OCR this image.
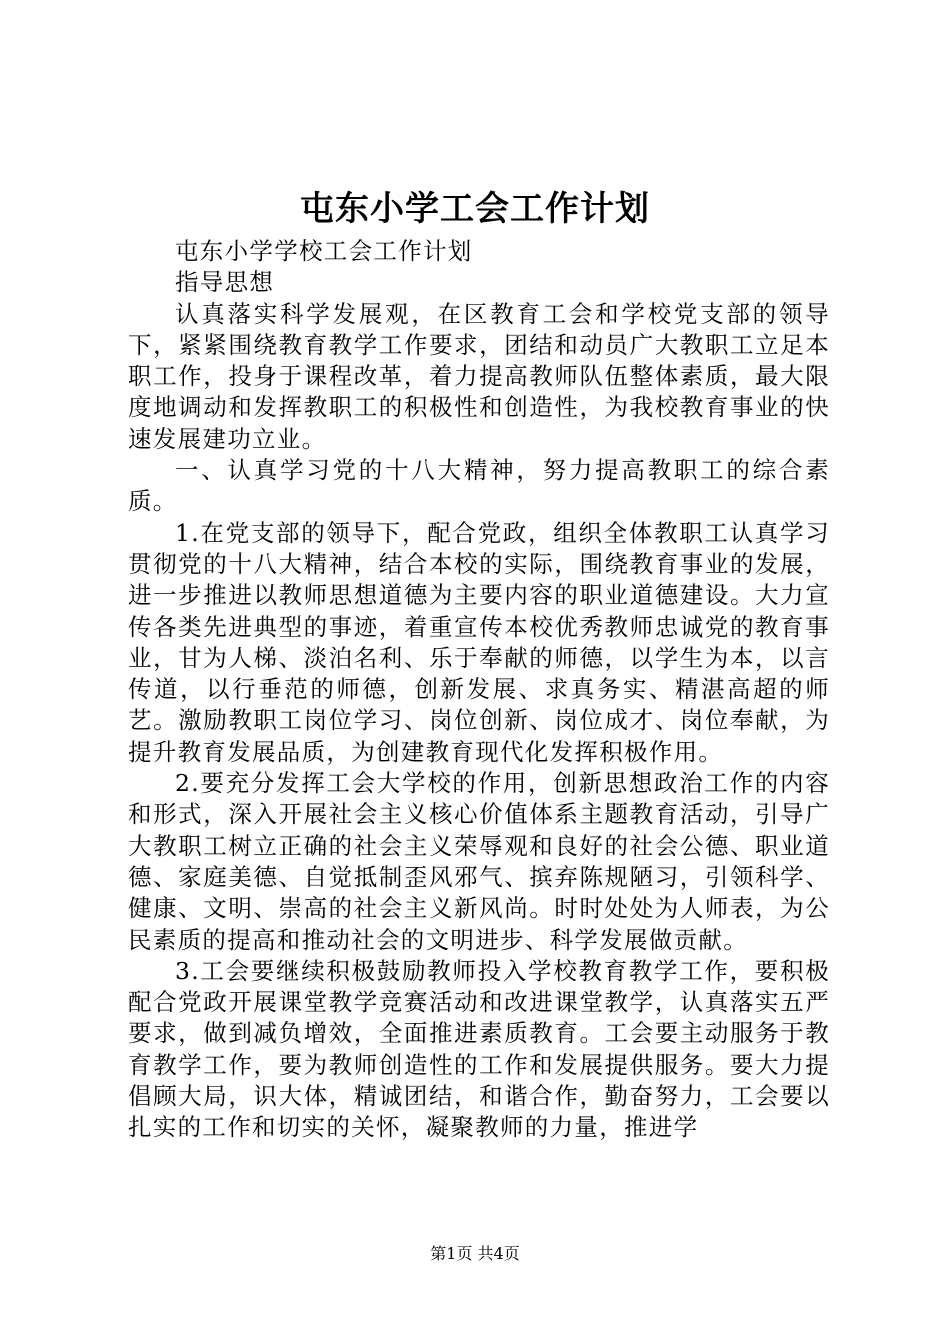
屯东小学工会工作计划

屯东小学学校工会工作计划

指导思想

认真落实科学发展观，在区教育工会和学校党支部的领导下，紧紧围绕教育教学工作要求，团结和动员广大教职工立足本职工作，投身于课程改革，着力提高教师队伍整体素质，最大限度地调动和发挥教职工的积极性和创造性，为我校教育事业的快速发展建功立业。

一、认真学习党的十八大精神，努力提高教职工的综合素质。

1.在党支部的领导下，配合党政，组织全体教职工认真学习贯彻党的十八大精神，结合本校的实际，围绕教育事业的发展，进一步推进以教师思想道德为主要内容的职业道德建设。大力宣传各类先进典型的事迹，着重宣传本校优秀教师忠诚党的教育事业，甘为人梯、淡泊名利、乐于奉献的师德，以学生为本，以言传道，以行垂范的师德，创新发展、求真务实、精湛高超的师艺。激励教职工岗位学习、岗位创新、岗位成才、岗位奉献，为提升教育发展品质，为创建教育现代化发挥积极作用。

2.要充分发挥工会大学校的作用，创新思想政治工作的内容和形式，深入开展社会主义核心价值体系主题教育活动，引导广大教职工树立正确的社会主义荣辱观和良好的社会公德、职业道德、家庭美德、自觉抵制歪风邪气、摈弃陈规陋习，引领科学、健康、文明、崇高的社会主义新风尚。时时处处为人师表，为公民素质的提高和推动社会的文明进步、科学发展做贡献。

3.工会要继续积极鼓励教师投入学校教育教学工作，要积极配合党政开展课堂教学竞赛活动和改进课堂教学，认真落实五严要求，做到减负增效，全面推进素质教育。工会要主动服务于教育教学工作，要为教师创造性的工作和发展提供服务。要大力提倡顾大局，识大体，精诚团结，和谐合作，勤奋努力，工会要以扎实的工作和切实的关怀，凝聚教师的力量，推进学

第1页 共4页
